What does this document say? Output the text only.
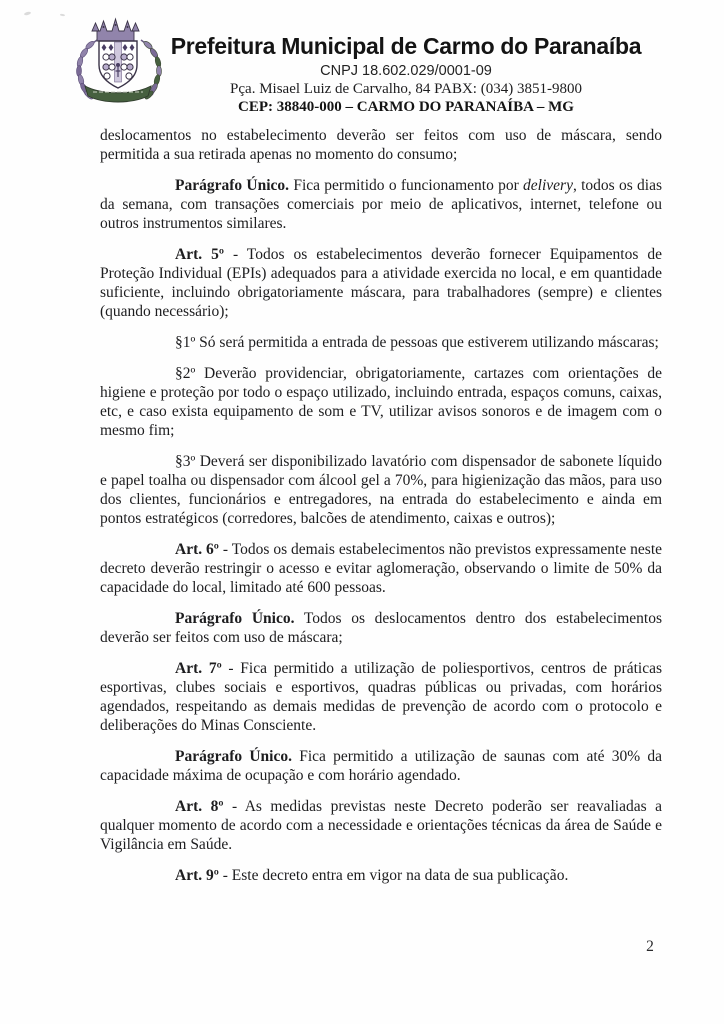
Prefeitura Municipal de Carmo do Paranaíba
CNPJ 18.602.029/0001-09
Pça. Misael Luiz de Carvalho, 84 PABX: (034) 3851-9800
CEP: 38840-000 – CARMO DO PARANAÍBA – MG

deslocamentos no estabelecimento deverão ser feitos com uso de máscara, sendo permitida a sua retirada apenas no momento do consumo;

Parágrafo Único. Fica permitido o funcionamento por delivery, todos os dias da semana, com transações comerciais por meio de aplicativos, internet, telefone ou outros instrumentos similares.

Art. 5º - Todos os estabelecimentos deverão fornecer Equipamentos de Proteção Individual (EPIs) adequados para a atividade exercida no local, e em quantidade suficiente, incluindo obrigatoriamente máscara, para trabalhadores (sempre) e clientes (quando necessário);

§1º Só será permitida a entrada de pessoas que estiverem utilizando máscaras;

§2º Deverão providenciar, obrigatoriamente, cartazes com orientações de higiene e proteção por todo o espaço utilizado, incluindo entrada, espaços comuns, caixas, etc, e caso exista equipamento de som e TV, utilizar avisos sonoros e de imagem com o mesmo fim;

§3º Deverá ser disponibilizado lavatório com dispensador de sabonete líquido e papel toalha ou dispensador com álcool gel a 70%, para higienização das mãos, para uso dos clientes, funcionários e entregadores, na entrada do estabelecimento e ainda em pontos estratégicos (corredores, balcões de atendimento, caixas e outros);

Art. 6º - Todos os demais estabelecimentos não previstos expressamente neste decreto deverão restringir o acesso e evitar aglomeração, observando o limite de 50% da capacidade do local, limitado até 600 pessoas.

Parágrafo Único. Todos os deslocamentos dentro dos estabelecimentos deverão ser feitos com uso de máscara;

Art. 7º - Fica permitido a utilização de poliesportivos, centros de práticas esportivas, clubes sociais e esportivos, quadras públicas ou privadas, com horários agendados, respeitando as demais medidas de prevenção de acordo com o protocolo e deliberações do Minas Consciente.

Parágrafo Único. Fica permitido a utilização de saunas com até 30% da capacidade máxima de ocupação e com horário agendado.

Art. 8º - As medidas previstas neste Decreto poderão ser reavaliadas a qualquer momento de acordo com a necessidade e orientações técnicas da área de Saúde e Vigilância em Saúde.

Art. 9º - Este decreto entra em vigor na data de sua publicação.

2
